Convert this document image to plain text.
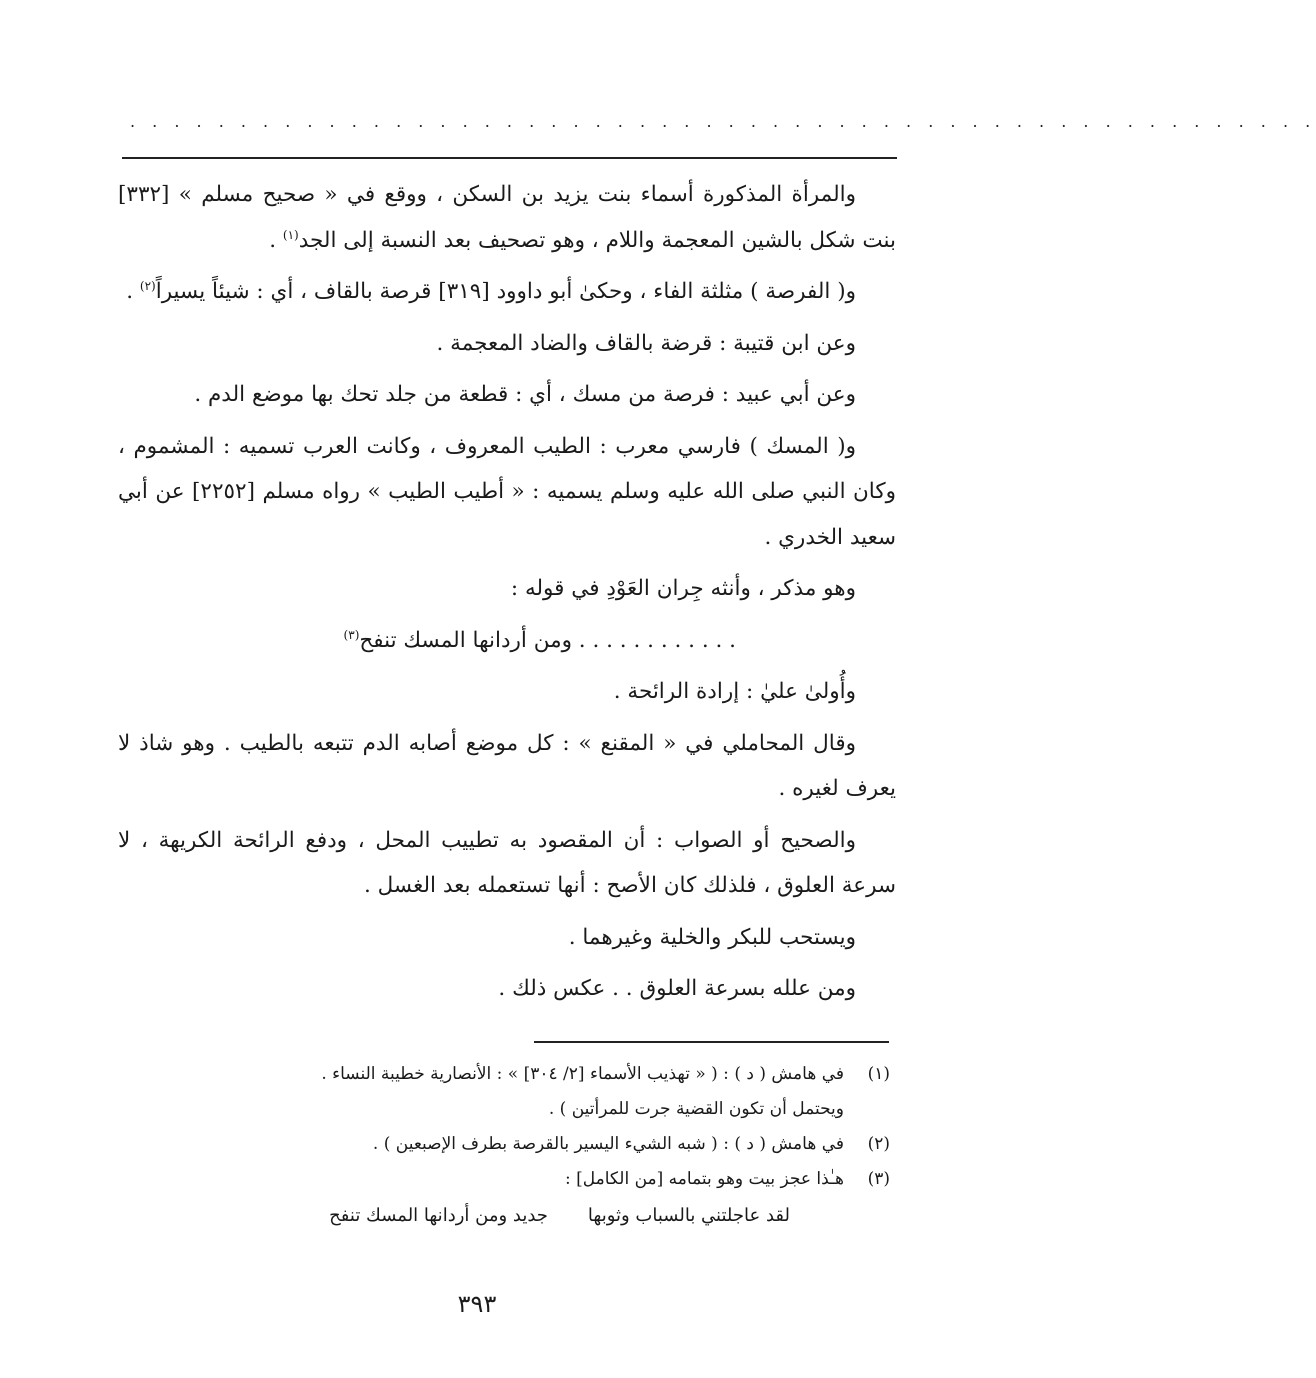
. . . . . . . . . . . . . . . . . . . . . . . . . . . . . . . . . . . . . . . . . . . . . . . . . . . . . .

والمرأة المذكورة أسماء بنت يزيد بن السكن ، ووقع في « صحيح مسلم » [٣٣٢] بنت شكل بالشين المعجمة واللام ، وهو تصحيف بعد النسبة إلى الجد$^{(١)}$ .

و( الفرصة ) مثلثة الفاء ، وحكىٰ أبو داوود [٣١٩] قرصة بالقاف ، أي : شيئاً يسيراً$^{(٢)}$ .

وعن ابن قتيبة : قرضة بالقاف والضاد المعجمة .

وعن أبي عبيد : فرصة من مسك ، أي : قطعة من جلد تحك بها موضع الدم .

و( المسك ) فارسي معرب : الطيب المعروف ، وكانت العرب تسميه : المشموم ، وكان النبي صلى الله عليه وسلم يسميه : « أطيب الطيب » رواه مسلم [٢٢٥٢] عن أبي سعيد الخدري .

وهو مذكر ، وأنثه جِران العَوْدِ في قوله :

. . . . . . . . . . . . ومن أردانها المسك تنفح$^{(٣)}$

وأُولىٰ عليٰ : إرادة الرائحة .

وقال المحاملي في « المقنع » : كل موضع أصابه الدم تتبعه بالطيب . وهو شاذ لا يعرف لغيره .

والصحيح أو الصواب : أن المقصود به تطييب المحل ، ودفع الرائحة الكريهة ، لا سرعة العلوق ، فلذلك كان الأصح : أنها تستعمله بعد الغسل .

ويستحب للبكر والخلية وغيرهما .

ومن علله بسرعة العلوق . . عكس ذلك .

(١)
في هامش ( د ) : ( « تهذيب الأسماء [٢/ ٣٠٤] » : الأنصارية خطيبة النساء .
ويحتمل أن تكون القضية جرت للمرأتين ) .
(٢)
في هامش ( د ) : ( شبه الشيء اليسير بالقرصة بطرف الإصبعين ) .
(٣)
هـٰذا عجز بيت وهو بتمامه [من الكامل] :
لقد عاجلتني بالسباب وثوبها
جديد ومن أردانها المسك تنفح
٣٩٣
